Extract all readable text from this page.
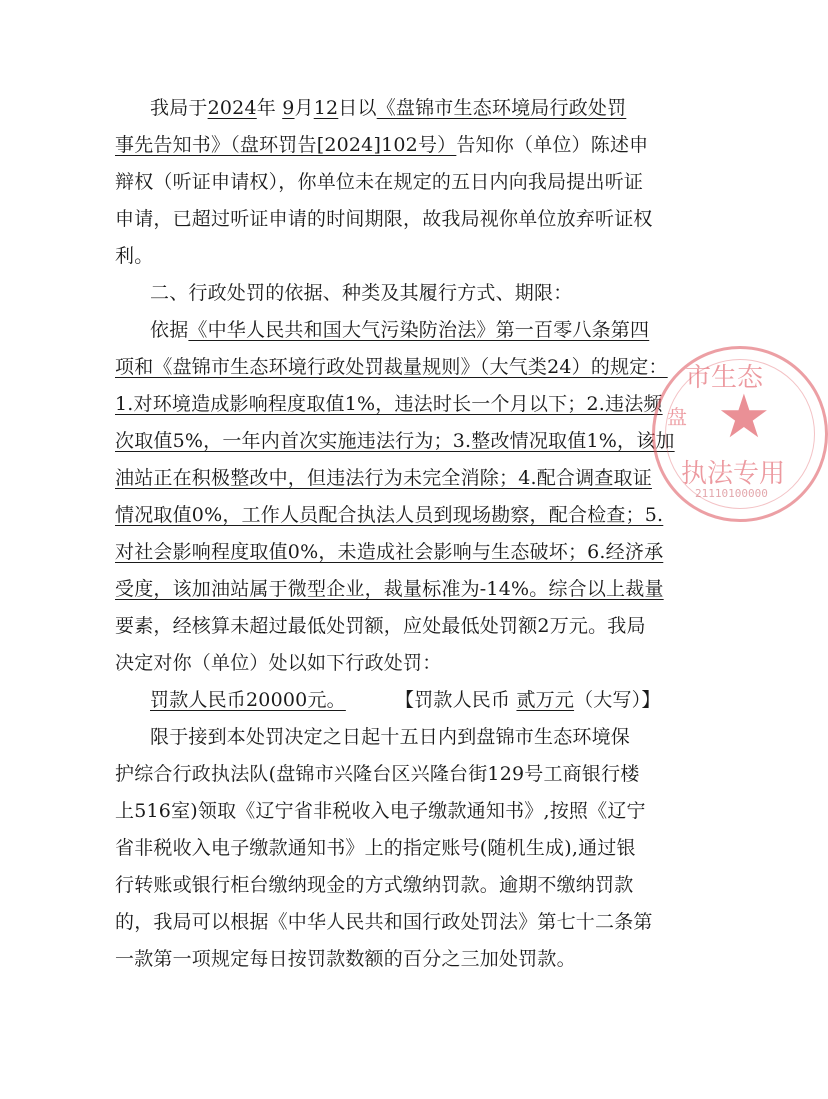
我局于2024年 9月12日以《盘锦市生态环境局行政处罚
事先告知书》（盘环罚告[2024]102号）告知你（单位）陈述申
辩权（听证申请权），你单位未在规定的五日内向我局提出听证
申请，已超过听证申请的时间期限，故我局视你单位放弃听证权
利。
二、行政处罚的依据、种类及其履行方式、期限：
依据《中华人民共和国大气污染防治法》第一百零八条第四
项和《盘锦市生态环境行政处罚裁量规则》（大气类24）的规定：
1.对环境造成影响程度取值1%，违法时长一个月以下；2.违法频
次取值5%，一年内首次实施违法行为；3.整改情况取值1%，该加
油站正在积极整改中，但违法行为未完全消除；4.配合调查取证
情况取值0%，工作人员配合执法人员到现场勘察，配合检查；5.
对社会影响程度取值0%，未造成社会影响与生态破坏；6.经济承
受度，该加油站属于微型企业，裁量标准为-14%。综合以上裁量
要素，经核算未超过最低处罚额，应处最低处罚额2万元。我局
决定对你（单位）处以如下行政处罚：
罚款人民币20000元。	【罚款人民币 贰万元（大写）】
限于接到本处罚决定之日起十五日内到盘锦市生态环境保
护综合行政执法队(盘锦市兴隆台区兴隆台街129号工商银行楼
上516室)领取《辽宁省非税收入电子缴款通知书》,按照《辽宁
省非税收入电子缴款通知书》上的指定账号(随机生成),通过银
行转账或银行柜台缴纳现金的方式缴纳罚款。逾期不缴纳罚款
的，我局可以根据《中华人民共和国行政处罚法》第七十二条第
一款第一项规定每日按罚款数额的百分之三加处罚款。
★
市生态
盘
执法专用
21110100000
